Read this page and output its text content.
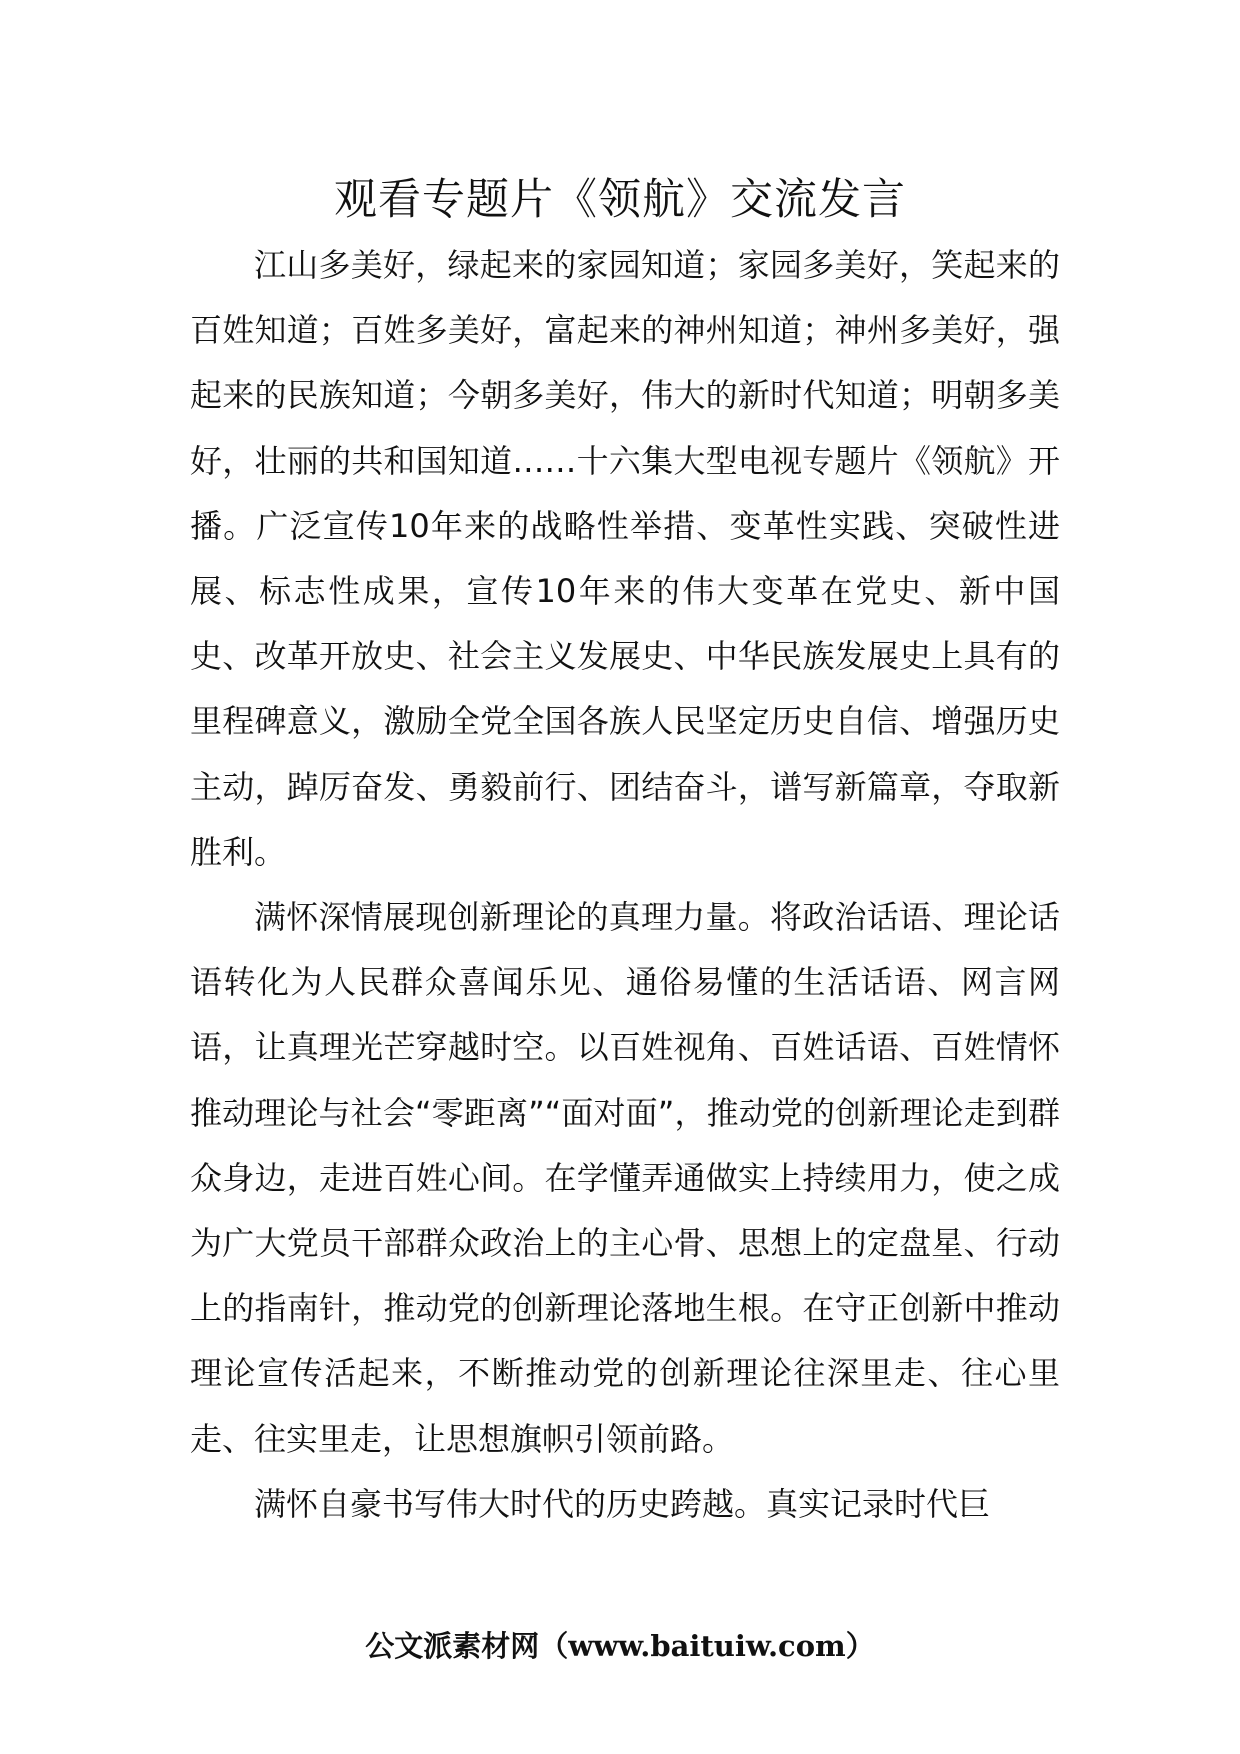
观看专题片《领航》交流发言

江山多美好，绿起来的家园知道；家园多美好，笑起来的百姓知道；百姓多美好，富起来的神州知道；神州多美好，强起来的民族知道；今朝多美好，伟大的新时代知道；明朝多美好，壮丽的共和国知道……十六集大型电视专题片《领航》开播。广泛宣传10年来的战略性举措、变革性实践、突破性进展、标志性成果，宣传10年来的伟大变革在党史、新中国史、改革开放史、社会主义发展史、中华民族发展史上具有的里程碑意义，激励全党全国各族人民坚定历史自信、增强历史主动，踔厉奋发、勇毅前行、团结奋斗，谱写新篇章，夺取新胜利。

满怀深情展现创新理论的真理力量。将政治话语、理论话语转化为人民群众喜闻乐见、通俗易懂的生活话语、网言网语，让真理光芒穿越时空。以百姓视角、百姓话语、百姓情怀推动理论与社会“零距离”“面对面”，推动党的创新理论走到群众身边，走进百姓心间。在学懂弄通做实上持续用力，使之成为广大党员干部群众政治上的主心骨、思想上的定盘星、行动上的指南针，推动党的创新理论落地生根。在守正创新中推动理论宣传活起来，不断推动党的创新理论往深里走、往心里走、往实里走，让思想旗帜引领前路。

满怀自豪书写伟大时代的历史跨越。真实记录时代巨

公文派素材网（www.baituiw.com）
